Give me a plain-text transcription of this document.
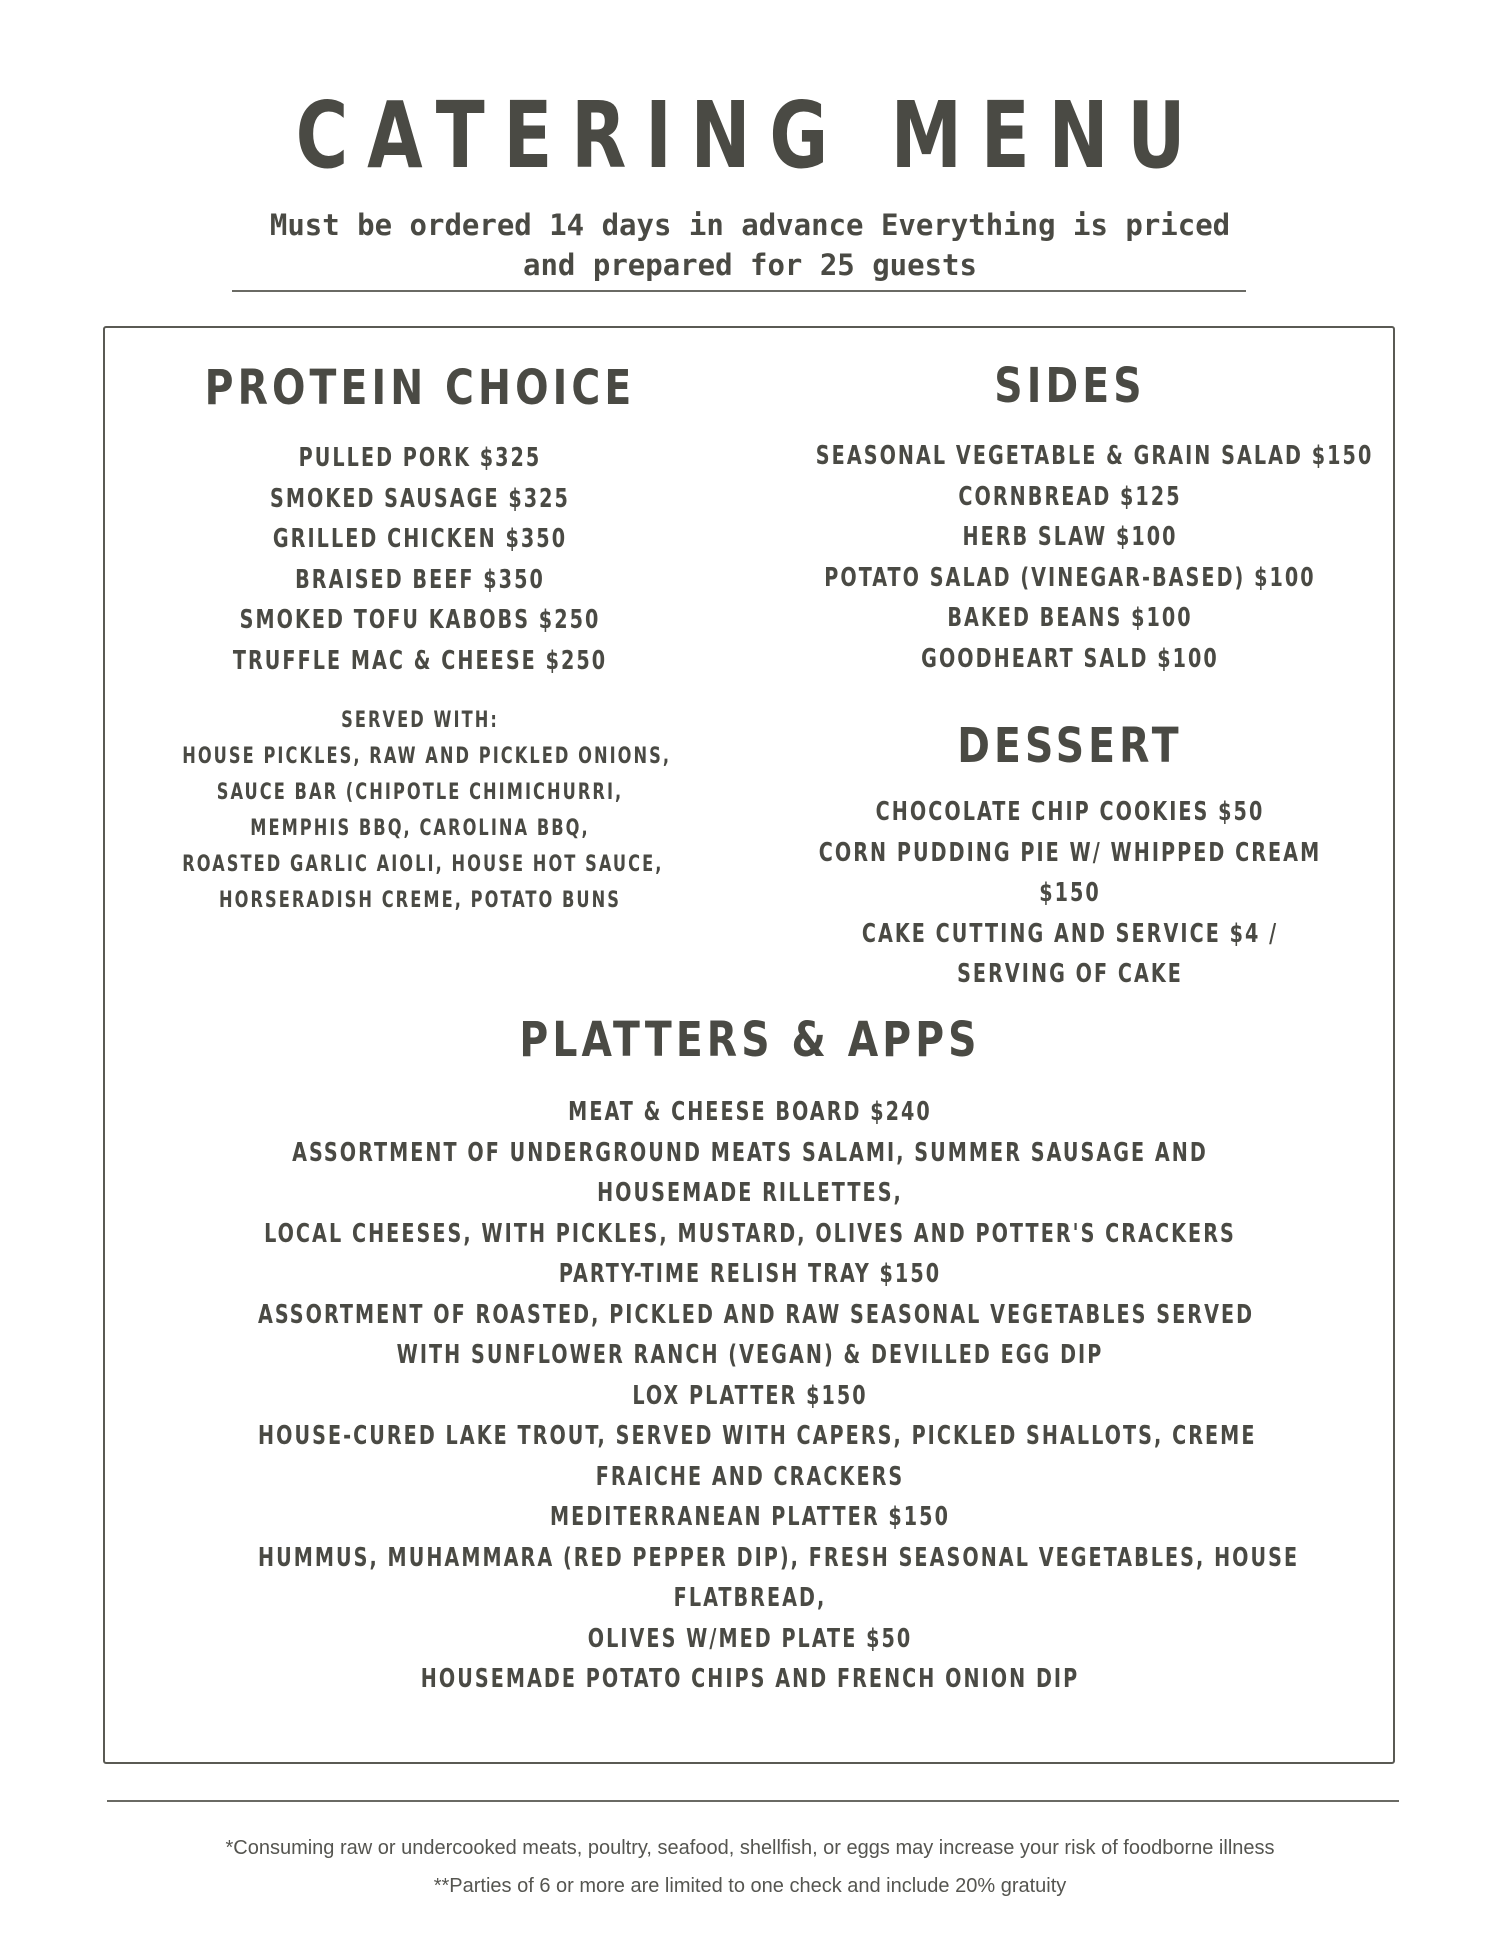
CATERING MENU
Must be ordered 14 days in advance Everything is priced
and prepared for 25 guests
PROTEIN CHOICE
PULLED PORK $325
SMOKED SAUSAGE $325
GRILLED CHICKEN $350
BRAISED BEEF $350
SMOKED TOFU KABOBS $250
TRUFFLE MAC & CHEESE $250
SERVED WITH:
HOUSE PICKLES, RAW AND PICKLED ONIONS,
SAUCE BAR (CHIPOTLE CHIMICHURRI,
MEMPHIS BBQ, CAROLINA BBQ,
ROASTED GARLIC AIOLI, HOUSE HOT SAUCE,
HORSERADISH CREME, POTATO BUNS
SIDES
SEASONAL VEGETABLE & GRAIN SALAD $150
CORNBREAD $125
HERB SLAW $100
POTATO SALAD (VINEGAR-BASED) $100
BAKED BEANS $100
GOODHEART SALD $100
DESSERT
CHOCOLATE CHIP COOKIES $50
CORN PUDDING PIE W/ WHIPPED CREAM
$150
CAKE CUTTING AND SERVICE $4 /
SERVING OF CAKE
PLATTERS & APPS
MEAT & CHEESE BOARD $240
ASSORTMENT OF UNDERGROUND MEATS SALAMI, SUMMER SAUSAGE AND
HOUSEMADE RILLETTES,
LOCAL CHEESES, WITH PICKLES, MUSTARD, OLIVES AND POTTER'S CRACKERS
PARTY-TIME RELISH TRAY $150
ASSORTMENT OF ROASTED, PICKLED AND RAW SEASONAL VEGETABLES SERVED
WITH SUNFLOWER RANCH (VEGAN) & DEVILLED EGG DIP
LOX PLATTER $150
HOUSE-CURED LAKE TROUT, SERVED WITH CAPERS, PICKLED SHALLOTS, CREME
FRAICHE AND CRACKERS
MEDITERRANEAN PLATTER $150
HUMMUS, MUHAMMARA (RED PEPPER DIP), FRESH SEASONAL VEGETABLES, HOUSE
FLATBREAD,
OLIVES W/MED PLATE $50
HOUSEMADE POTATO CHIPS AND FRENCH ONION DIP
*Consuming raw or undercooked meats, poultry, seafood, shellfish, or eggs may increase your risk of foodborne illness
**Parties of 6 or more are limited to one check and include 20% gratuity
